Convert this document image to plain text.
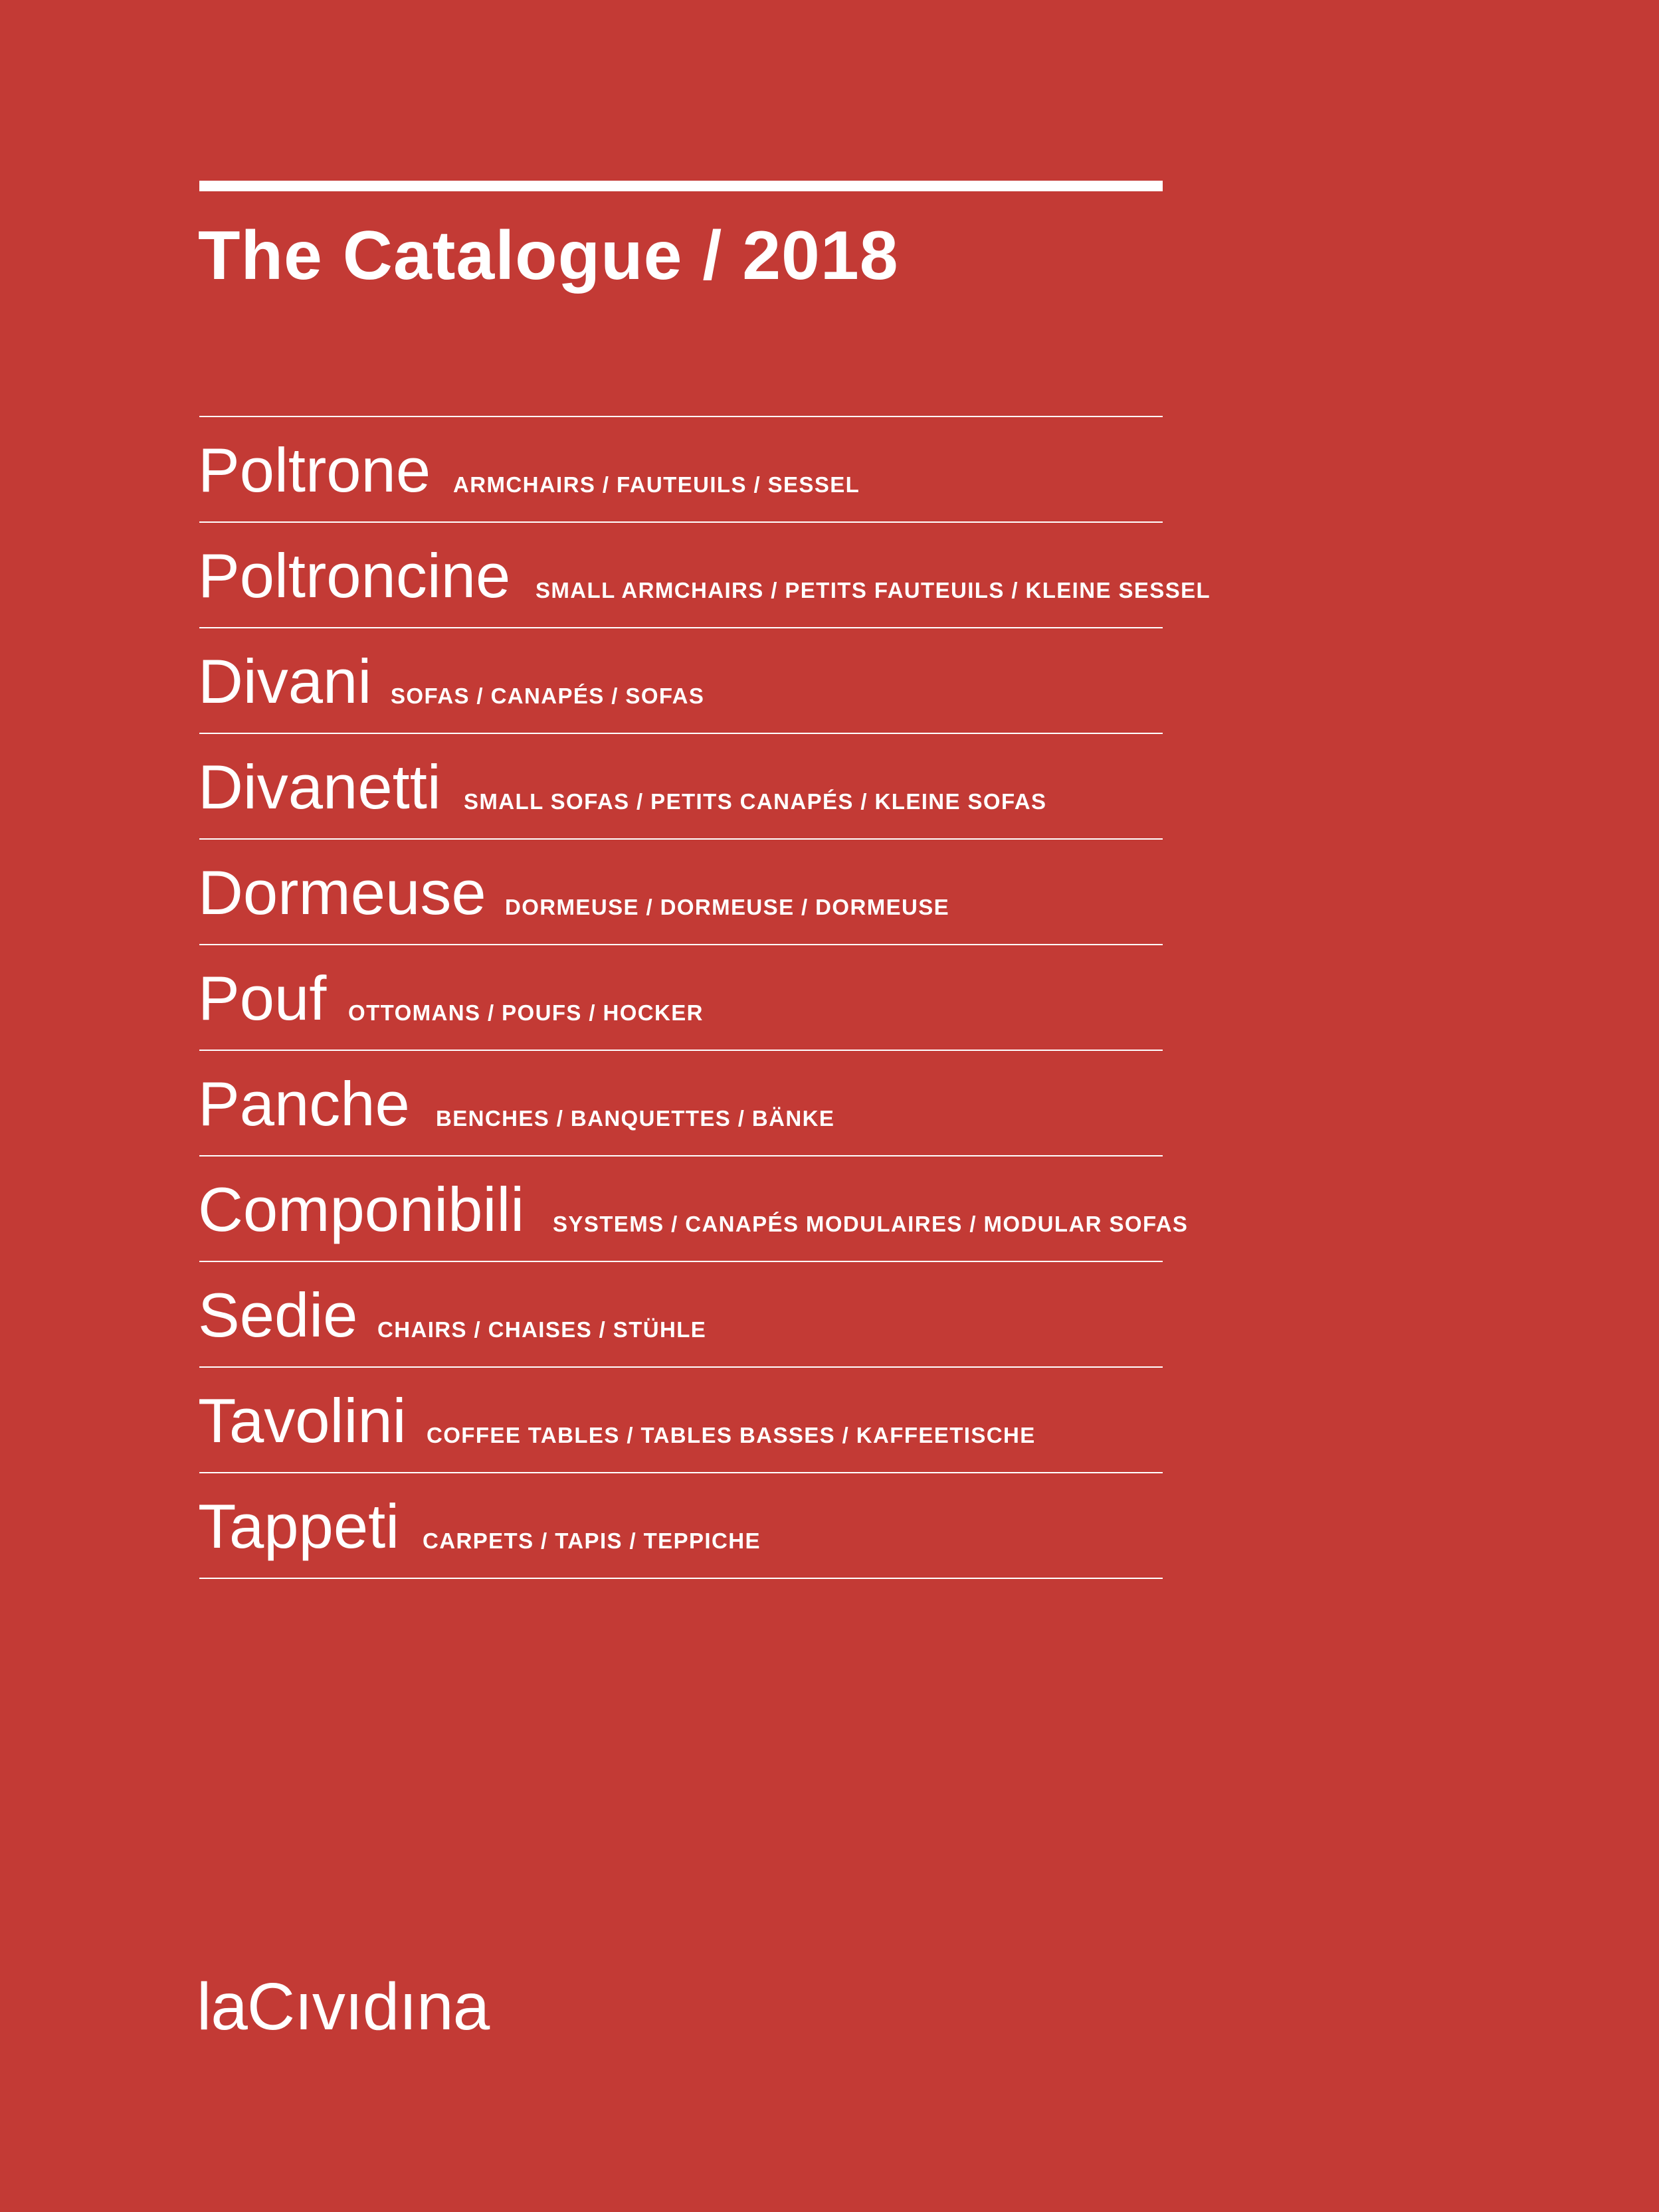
The Catalogue / 2018
Poltrone ARMCHAIRS / FAUTEUILS / SESSEL
Poltroncine SMALL ARMCHAIRS / PETITS FAUTEUILS / KLEINE SESSEL
Divani SOFAS / CANAPÉS / SOFAS
Divanetti SMALL SOFAS / PETITS CANAPÉS / KLEINE SOFAS
Dormeuse DORMEUSE / DORMEUSE / DORMEUSE
Pouf OTTOMANS / POUFS / HOCKER
Panche BENCHES / BANQUETTES / BÄNKE
Componibili SYSTEMS / CANAPÉS MODULAIRES / MODULAR SOFAS
Sedie CHAIRS / CHAISES / STÜHLE
Tavolini COFFEE TABLES / TABLES BASSES / KAFFEETISCHE
Tappeti CARPETS / TAPIS / TEPPICHE
laCıvıdına
